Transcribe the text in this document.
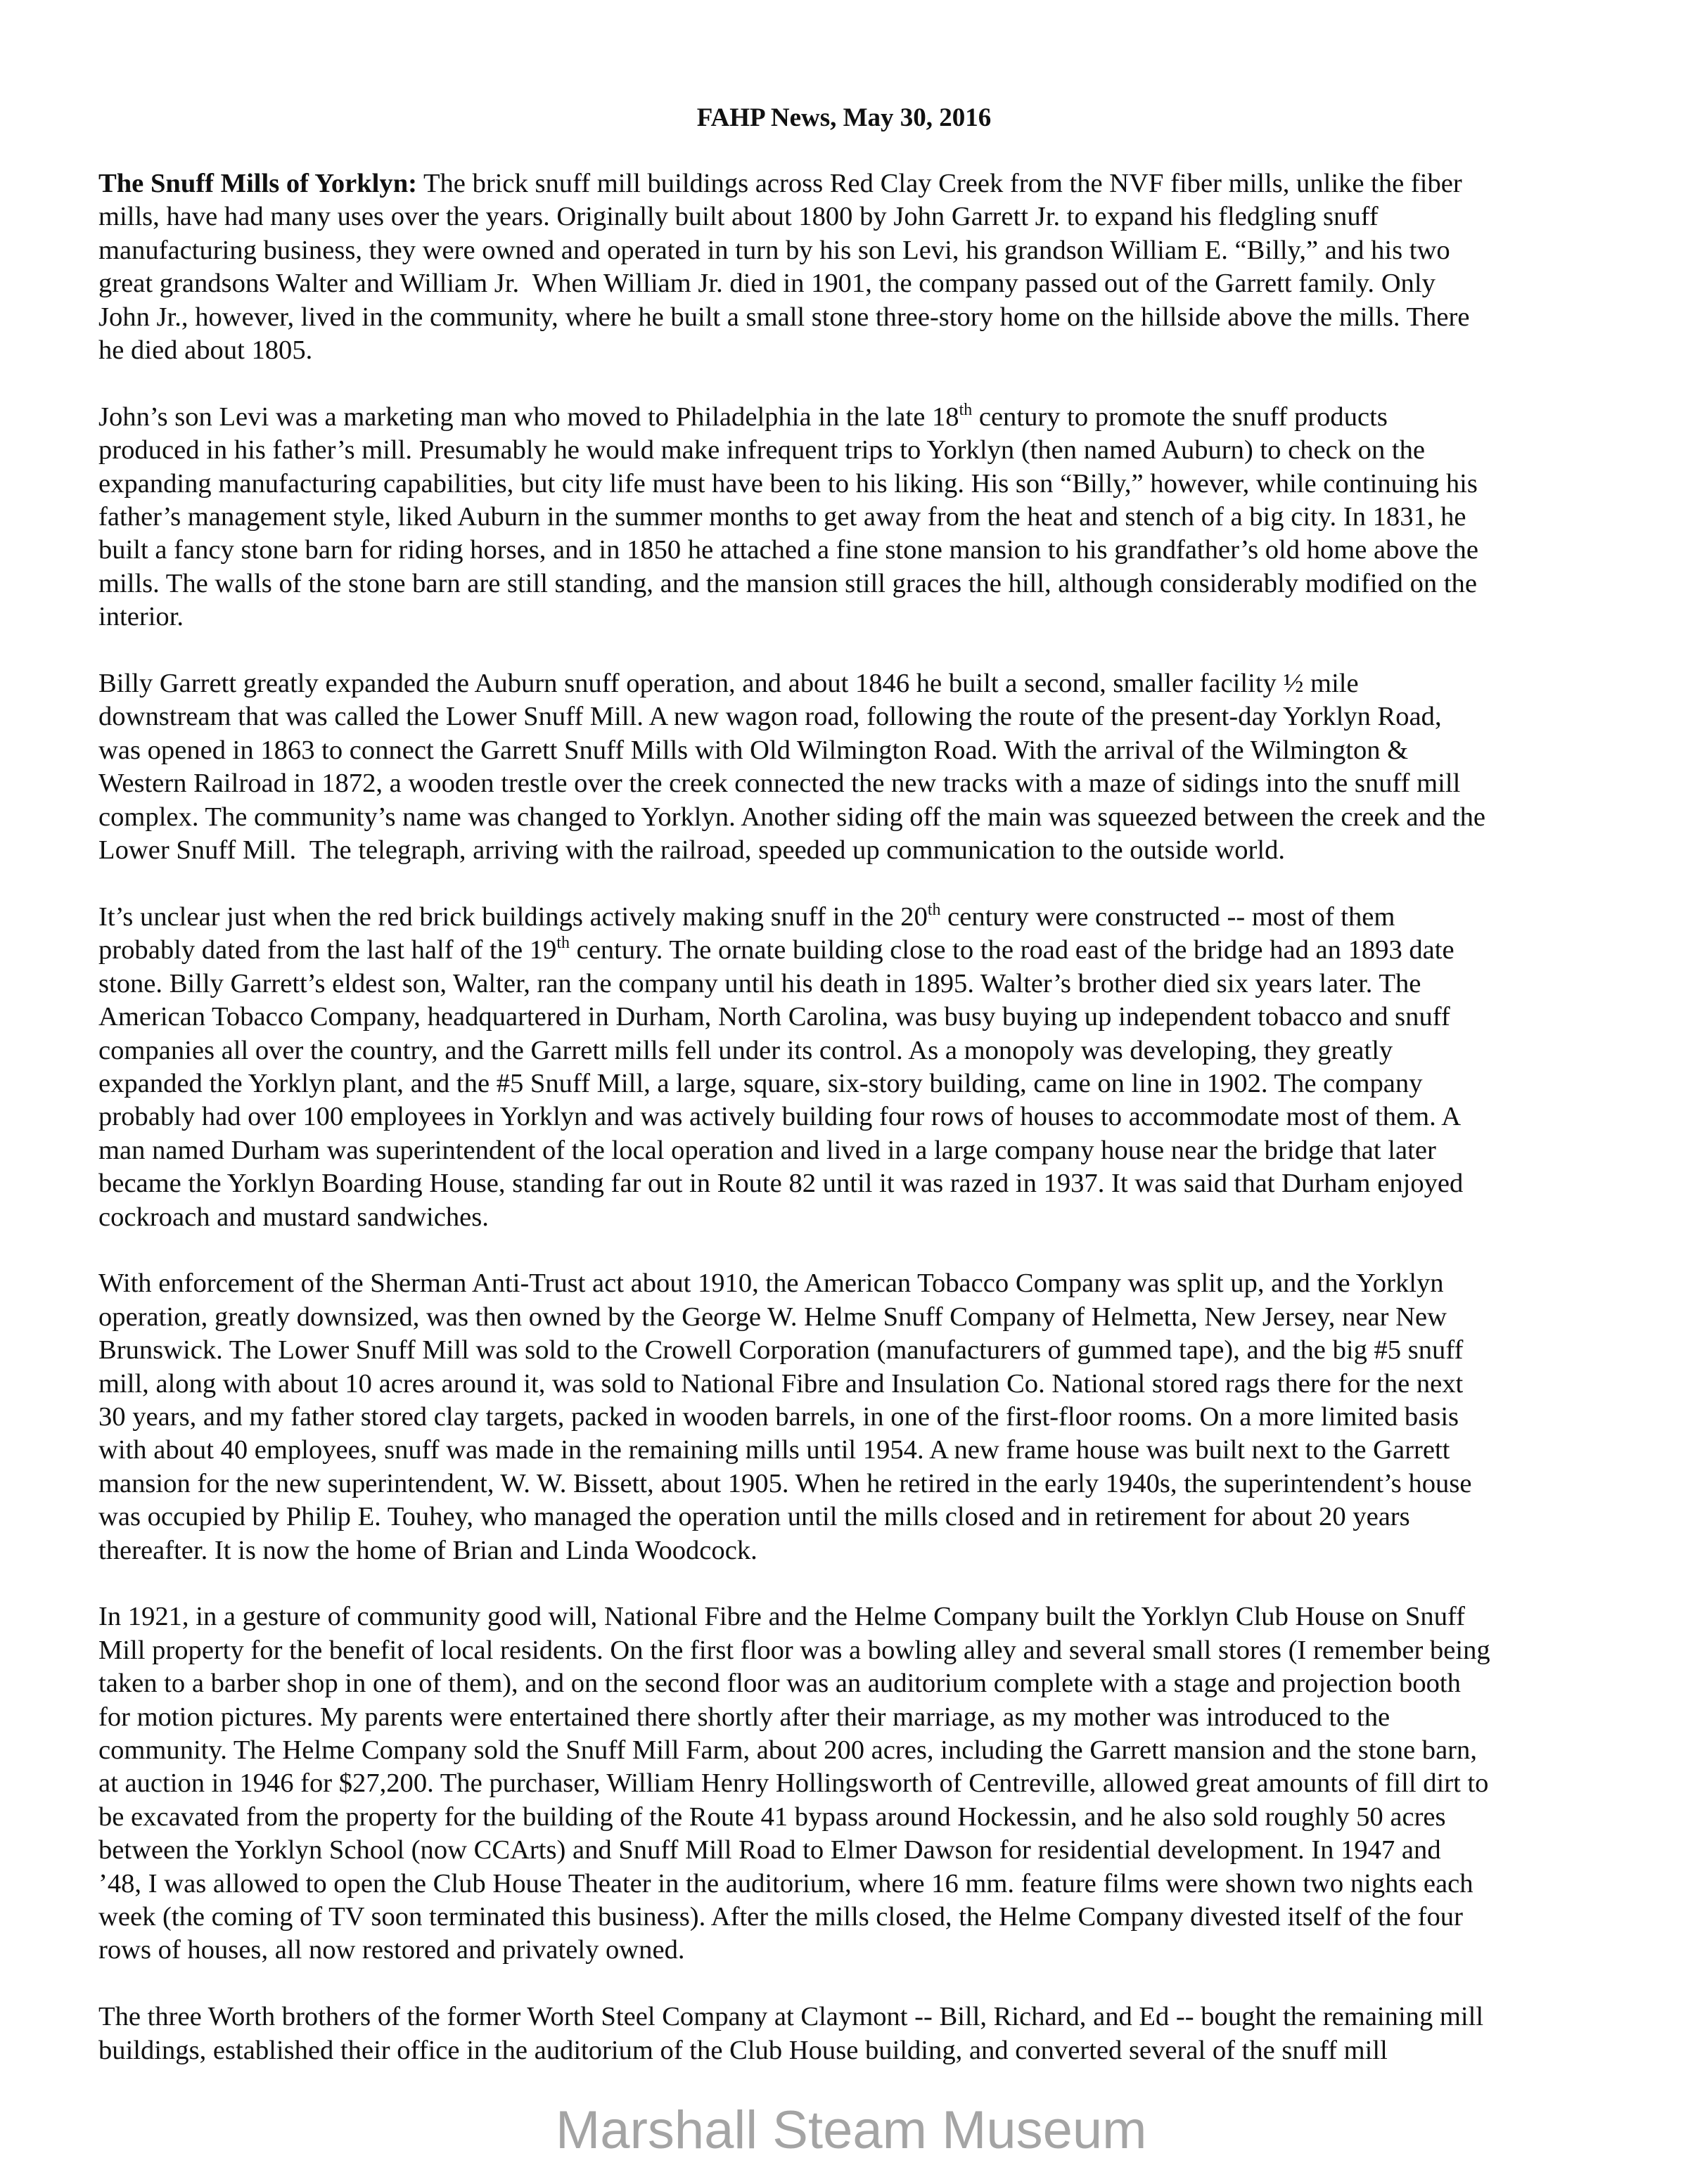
FAHP News, May 30, 2016
The Snuff Mills of Yorklyn: The brick snuff mill buildings across Red Clay Creek from the NVF fiber mills, unlike the fiber
mills, have had many uses over the years. Originally built about 1800 by John Garrett Jr. to expand his fledgling snuff
manufacturing business, they were owned and operated in turn by his son Levi, his grandson William E. “Billy,” and his two
great grandsons Walter and William Jr.  When William Jr. died in 1901, the company passed out of the Garrett family. Only
John Jr., however, lived in the community, where he built a small stone three-story home on the hillside above the mills. There
he died about 1805.
John’s son Levi was a marketing man who moved to Philadelphia in the late 18th century to promote the snuff products
produced in his father’s mill. Presumably he would make infrequent trips to Yorklyn (then named Auburn) to check on the
expanding manufacturing capabilities, but city life must have been to his liking. His son “Billy,” however, while continuing his
father’s management style, liked Auburn in the summer months to get away from the heat and stench of a big city. In 1831, he
built a fancy stone barn for riding horses, and in 1850 he attached a fine stone mansion to his grandfather’s old home above the
mills. The walls of the stone barn are still standing, and the mansion still graces the hill, although considerably modified on the
interior.
Billy Garrett greatly expanded the Auburn snuff operation, and about 1846 he built a second, smaller facility ½ mile
downstream that was called the Lower Snuff Mill. A new wagon road, following the route of the present-day Yorklyn Road,
was opened in 1863 to connect the Garrett Snuff Mills with Old Wilmington Road. With the arrival of the Wilmington &
Western Railroad in 1872, a wooden trestle over the creek connected the new tracks with a maze of sidings into the snuff mill
complex. The community’s name was changed to Yorklyn. Another siding off the main was squeezed between the creek and the
Lower Snuff Mill.  The telegraph, arriving with the railroad, speeded up communication to the outside world.
It’s unclear just when the red brick buildings actively making snuff in the 20th century were constructed -- most of them
probably dated from the last half of the 19th century. The ornate building close to the road east of the bridge had an 1893 date
stone. Billy Garrett’s eldest son, Walter, ran the company until his death in 1895. Walter’s brother died six years later. The
American Tobacco Company, headquartered in Durham, North Carolina, was busy buying up independent tobacco and snuff
companies all over the country, and the Garrett mills fell under its control. As a monopoly was developing, they greatly
expanded the Yorklyn plant, and the #5 Snuff Mill, a large, square, six-story building, came on line in 1902. The company
probably had over 100 employees in Yorklyn and was actively building four rows of houses to accommodate most of them. A
man named Durham was superintendent of the local operation and lived in a large company house near the bridge that later
became the Yorklyn Boarding House, standing far out in Route 82 until it was razed in 1937. It was said that Durham enjoyed
cockroach and mustard sandwiches.
With enforcement of the Sherman Anti-Trust act about 1910, the American Tobacco Company was split up, and the Yorklyn
operation, greatly downsized, was then owned by the George W. Helme Snuff Company of Helmetta, New Jersey, near New
Brunswick. The Lower Snuff Mill was sold to the Crowell Corporation (manufacturers of gummed tape), and the big #5 snuff
mill, along with about 10 acres around it, was sold to National Fibre and Insulation Co. National stored rags there for the next
30 years, and my father stored clay targets, packed in wooden barrels, in one of the first-floor rooms. On a more limited basis
with about 40 employees, snuff was made in the remaining mills until 1954. A new frame house was built next to the Garrett
mansion for the new superintendent, W. W. Bissett, about 1905. When he retired in the early 1940s, the superintendent’s house
was occupied by Philip E. Touhey, who managed the operation until the mills closed and in retirement for about 20 years
thereafter. It is now the home of Brian and Linda Woodcock.
In 1921, in a gesture of community good will, National Fibre and the Helme Company built the Yorklyn Club House on Snuff
Mill property for the benefit of local residents. On the first floor was a bowling alley and several small stores (I remember being
taken to a barber shop in one of them), and on the second floor was an auditorium complete with a stage and projection booth
for motion pictures. My parents were entertained there shortly after their marriage, as my mother was introduced to the
community. The Helme Company sold the Snuff Mill Farm, about 200 acres, including the Garrett mansion and the stone barn,
at auction in 1946 for $27,200. The purchaser, William Henry Hollingsworth of Centreville, allowed great amounts of fill dirt to
be excavated from the property for the building of the Route 41 bypass around Hockessin, and he also sold roughly 50 acres
between the Yorklyn School (now CCArts) and Snuff Mill Road to Elmer Dawson for residential development. In 1947 and
’48, I was allowed to open the Club House Theater in the auditorium, where 16 mm. feature films were shown two nights each
week (the coming of TV soon terminated this business). After the mills closed, the Helme Company divested itself of the four
rows of houses, all now restored and privately owned.
The three Worth brothers of the former Worth Steel Company at Claymont -- Bill, Richard, and Ed -- bought the remaining mill
buildings, established their office in the auditorium of the Club House building, and converted several of the snuff mill
Marshall Steam Museum
